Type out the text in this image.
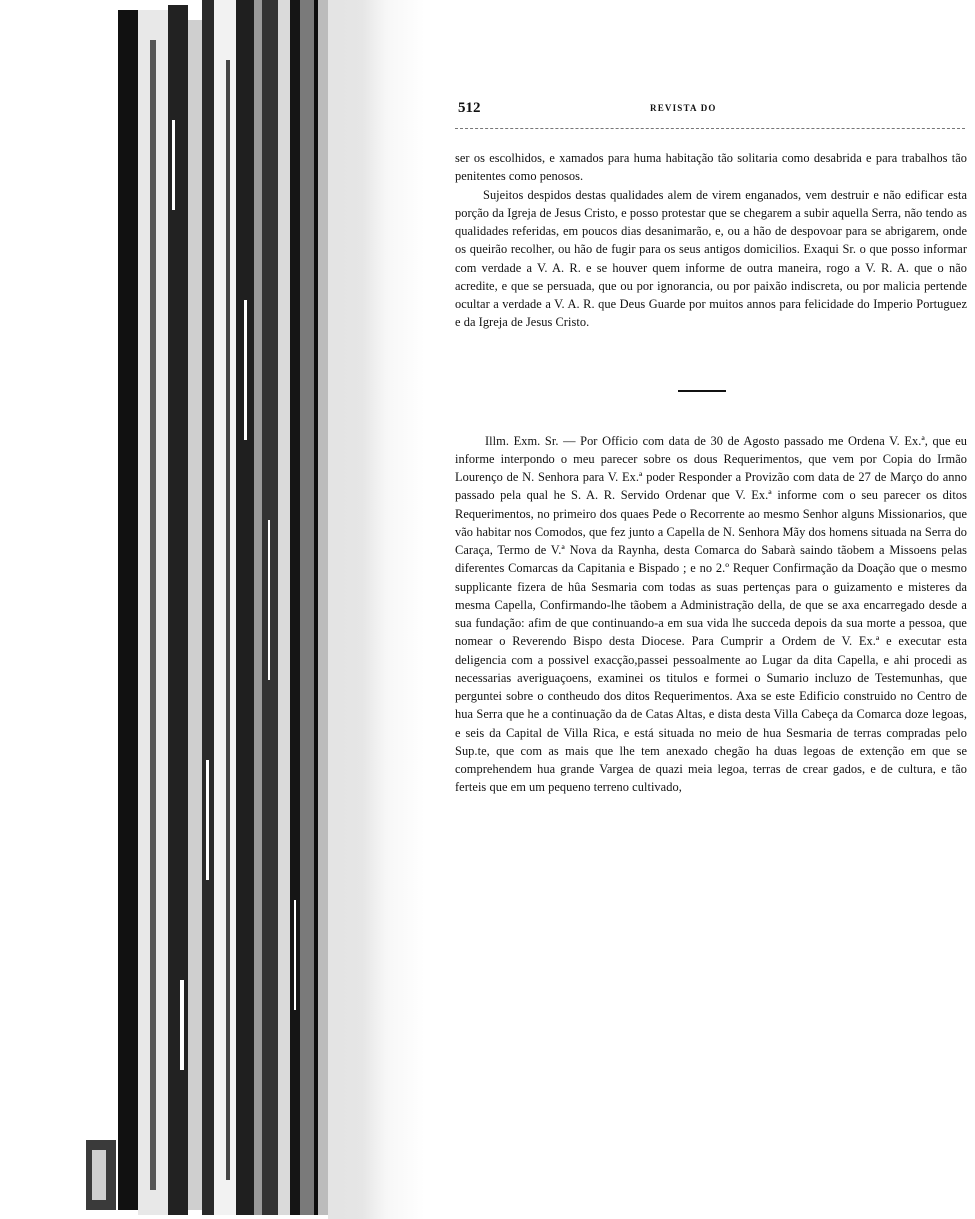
512	REVISTA DO

ser os escolhidos, e xamados para huma habitação tão solitaria como desabrida e para trabalhos tão penitentes como penosos.

Sujeitos despidos destas qualidades alem de virem enganados, vem destruir e não edificar esta porção da Igreja de Jesus Cristo, e posso protestar que se chegarem a subir aquella Serra, não tendo as qualidades referidas, em poucos dias desanimarão, e, ou a hão de despovoar para se abrigarem, onde os queirão recolher, ou hão de fugir para os seus antigos domicilios. Exaqui Sr. o que posso informar com verdade a V. A. R. e se houver quem informe de outra maneira, rogo a V. R. A. que o não acredite, e que se persuada, que ou por ignorancia, ou por paixão indiscreta, ou por malicia pertende ocultar a verdade a V. A. R. que Deus Guarde por muitos annos para felicidade do Imperio Portuguez e da Igreja de Jesus Cristo.

Illm. Exm. Sr. — Por Officio com data de 30 de Agosto passado me Ordena V. Ex.ª, que eu informe interpondo o meu parecer sobre os dous Requerimentos, que vem por Copia do Irmão Lourenço de N. Senhora para V. Ex.ª poder Responder a Provizão com data de 27 de Março do anno passado pela qual he S. A. R. Servido Ordenar que V. Ex.ª informe com o seu parecer os ditos Requerimentos, no primeiro dos quaes Pede o Recorrente ao mesmo Senhor alguns Missionarios, que vão habitar nos Comodos, que fez junto a Capella de N. Senhora Mãy dos homens situada na Serra do Caraça, Termo de V.ª Nova da Raynha, desta Comarca do Sabarà saindo tãobem a Missoens pelas diferentes Comarcas da Capitania e Bispado ; e no 2.º Requer Confirmação da Doação que o mesmo supplicante fizera de hûa Sesmaria com todas as suas pertenças para o guizamento e misteres da mesma Capella, Confirmando-lhe tãobem a Administração della, de que se axa encarregado desde a sua fundação: afim de que continuando-a em sua vida lhe succeda depois da sua morte a pessoa, que nomear o Reverendo Bispo desta Diocese. Para Cumprir a Ordem de V. Ex.ª e executar esta deligencia com a possivel exacção,passei pessoalmente ao Lugar da dita Capella, e ahi procedi as necessarias averiguaçoens, examinei os titulos e formei o Sumario incluzo de Testemunhas, que perguntei sobre o contheudo dos ditos Requerimentos. Axa se este Edificio construido no Centro de hua Serra que he a continuação da de Catas Altas, e dista desta Villa Cabeça da Comarca doze legoas, e seis da Capital de Villa Rica, e está situada no meio de hua Sesmaria de terras compradas pelo Sup.te, que com as mais que lhe tem anexado chegão ha duas legoas de extenção em que se comprehendem hua grande Vargea de quazi meia legoa, terras de crear gados, e de cultura, e tão ferteis que em um pequeno terreno cultivado,
